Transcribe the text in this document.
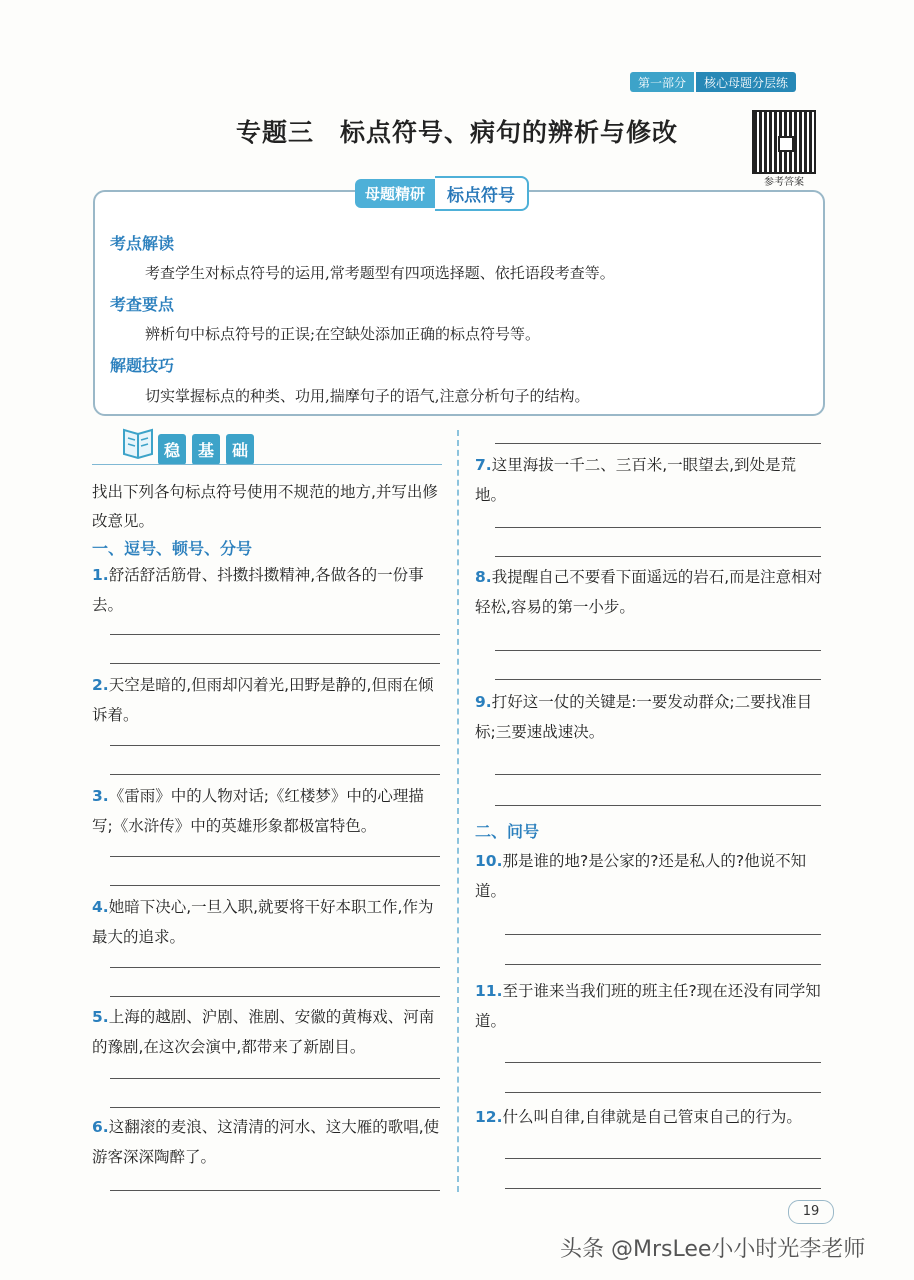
第一部分	核心母题分层练
专题三　标点符号、病句的辨析与修改
参考答案
母题精研	标点符号
考点解读
考查学生对标点符号的运用,常考题型有四项选择题、依托语段考查等。
考查要点
辨析句中标点符号的正误;在空缺处添加正确的标点符号等。
解题技巧
切实掌握标点的种类、功用,揣摩句子的语气,注意分析句子的结构。
稳	基	础
找出下列各句标点符号使用不规范的地方,并写出修改意见。
一、逗号、顿号、分号
1.舒活舒活筋骨、抖擞抖擞精神,各做各的一份事去。
2.天空是暗的,但雨却闪着光,田野是静的,但雨在倾诉着。
3.《雷雨》中的人物对话;《红楼梦》中的心理描写;《水浒传》中的英雄形象都极富特色。
4.她暗下决心,一旦入职,就要将干好本职工作,作为最大的追求。
5.上海的越剧、沪剧、淮剧、安徽的黄梅戏、河南的豫剧,在这次会演中,都带来了新剧目。
6.这翻滚的麦浪、这清清的河水、这大雁的歌唱,使游客深深陶醉了。
7.这里海拔一千二、三百米,一眼望去,到处是荒地。
8.我提醒自己不要看下面遥远的岩石,而是注意相对轻松,容易的第一小步。
9.打好这一仗的关键是:一要发动群众;二要找准目标;三要速战速决。
二、问号
10.那是谁的地?是公家的?还是私人的?他说不知道。
11.至于谁来当我们班的班主任?现在还没有同学知道。
12.什么叫自律,自律就是自己管束自己的行为。
19
头条 @MrsLee小小时光李老师
